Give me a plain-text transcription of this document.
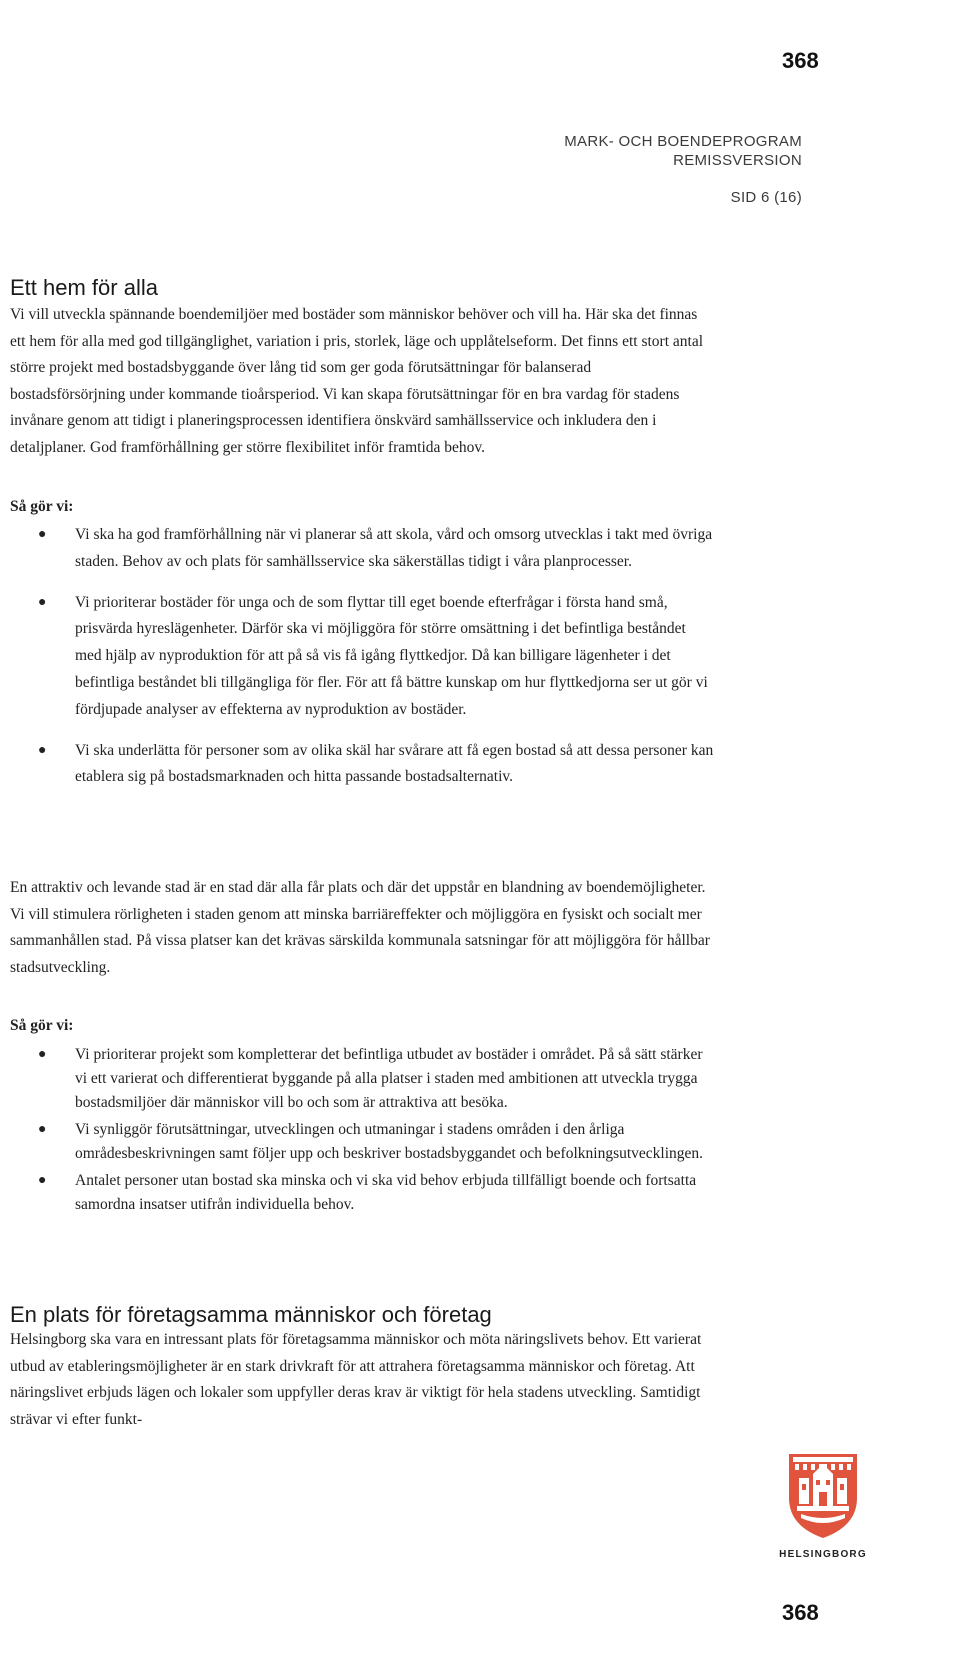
368
MARK- OCH BOENDEPROGRAM
REMISSVERSION
SID 6 (16)
Ett hem för alla

Vi vill utveckla spännande boendemiljöer med bostäder som människor behöver och vill ha. Här ska det finnas ett hem för alla med god tillgänglighet, variation i pris, storlek, läge och upplåtelseform. Det finns ett stort antal större projekt med bostadsbyggande över lång tid som ger goda förutsättningar för balanserad bostadsförsörjning under kommande tioårsperiod. Vi kan skapa förutsättningar för en bra vardag för stadens invånare genom att tidigt i planeringsprocessen identifiera önskvärd samhällsservice och inkludera den i detaljplaner. God framförhållning ger större flexibilitet inför framtida behov.

Så gör vi:
● Vi ska ha god framförhållning när vi planerar så att skola, vård och omsorg utvecklas i takt med övriga staden. Behov av och plats för samhällsservice ska säkerställas tidigt i våra planprocesser.
● Vi prioriterar bostäder för unga och de som flyttar till eget boende efterfrågar i första hand små, prisvärda hyreslägenheter. Därför ska vi möjliggöra för större omsättning i det befintliga beståndet med hjälp av nyproduktion för att på så vis få igång flyttkedjor. Då kan billigare lägenheter i det befintliga beståndet bli tillgängliga för fler. För att få bättre kunskap om hur flyttkedjorna ser ut gör vi fördjupade analyser av effekterna av nyproduktion av bostäder.
● Vi ska underlätta för personer som av olika skäl har svårare att få egen bostad så att dessa personer kan etablera sig på bostadsmarknaden och hitta passande bostadsalternativ.

En attraktiv och levande stad är en stad där alla får plats och där det uppstår en blandning av boendemöjligheter. Vi vill stimulera rörligheten i staden genom att minska barriäreffekter och möjliggöra en fysiskt och socialt mer sammanhållen stad. På vissa platser kan det krävas särskilda kommunala satsningar för att möjliggöra för hållbar stadsutveckling.

Så gör vi:
● Vi prioriterar projekt som kompletterar det befintliga utbudet av bostäder i området. På så sätt stärker vi ett varierat och differentierat byggande på alla platser i staden med ambitionen att utveckla trygga bostadsmiljöer där människor vill bo och som är attraktiva att besöka.
● Vi synliggör förutsättningar, utvecklingen och utmaningar i stadens områden i den årliga områdesbeskrivningen samt följer upp och beskriver bostadsbyggandet och befolkningsutvecklingen.
● Antalet personer utan bostad ska minska och vi ska vid behov erbjuda tillfälligt boende och fortsatta samordna insatser utifrån individuella behov.
En plats för företagsamma människor och företag

Helsingborg ska vara en intressant plats för företagsamma människor och möta näringslivets behov. Ett varierat utbud av etableringsmöjligheter är en stark drivkraft för att attrahera företagsamma människor och företag. Att näringslivet erbjuds lägen och lokaler som uppfyller deras krav är viktigt för hela stadens utveckling. Samtidigt strävar vi efter funkt-

HELSINGBORG
368
